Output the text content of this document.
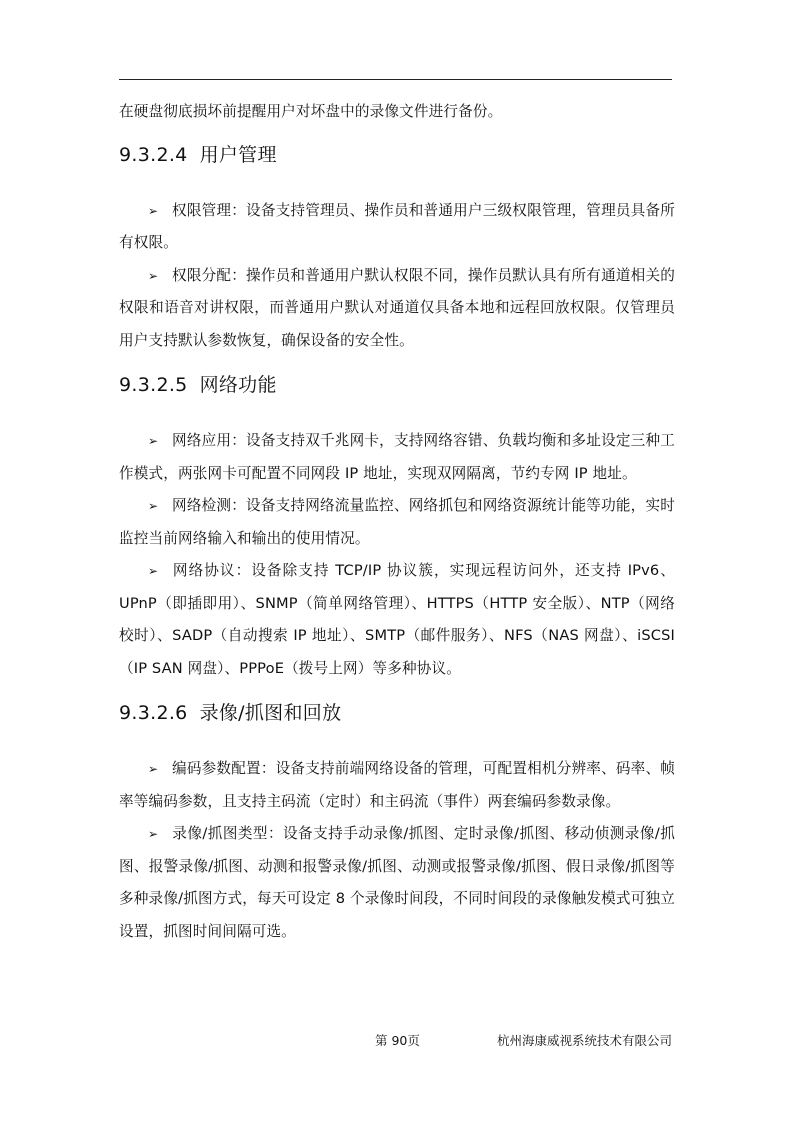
在硬盘彻底损坏前提醒用户对坏盘中的录像文件进行备份。

9.3.2.4 用户管理

➢ 权限管理：设备支持管理员、操作员和普通用户三级权限管理，管理员具备所有权限。

➢ 权限分配：操作员和普通用户默认权限不同，操作员默认具有所有通道相关的权限和语音对讲权限，而普通用户默认对通道仅具备本地和远程回放权限。仅管理员用户支持默认参数恢复，确保设备的安全性。

9.3.2.5 网络功能

➢ 网络应用：设备支持双千兆网卡，支持网络容错、负载均衡和多址设定三种工作模式，两张网卡可配置不同网段 IP 地址，实现双网隔离，节约专网 IP 地址。

➢ 网络检测：设备支持网络流量监控、网络抓包和网络资源统计能等功能，实时监控当前网络输入和输出的使用情况。

➢ 网络协议：设备除支持 TCP/IP 协议簇，实现远程访问外，还支持 IPv6、UPnP（即插即用）、SNMP（简单网络管理）、HTTPS（HTTP 安全版）、NTP（网络校时）、SADP（自动搜索 IP 地址）、SMTP（邮件服务）、NFS（NAS 网盘）、iSCSI（IP SAN 网盘）、PPPoE（拨号上网）等多种协议。

9.3.2.6 录像/抓图和回放

➢ 编码参数配置：设备支持前端网络设备的管理，可配置相机分辨率、码率、帧率等编码参数，且支持主码流（定时）和主码流（事件）两套编码参数录像。

➢ 录像/抓图类型：设备支持手动录像/抓图、定时录像/抓图、移动侦测录像/抓图、报警录像/抓图、动测和报警录像/抓图、动测或报警录像/抓图、假日录像/抓图等多种录像/抓图方式，每天可设定 8 个录像时间段，不同时间段的录像触发模式可独立设置，抓图时间间隔可选。

第 90页	杭州海康威视系统技术有限公司
